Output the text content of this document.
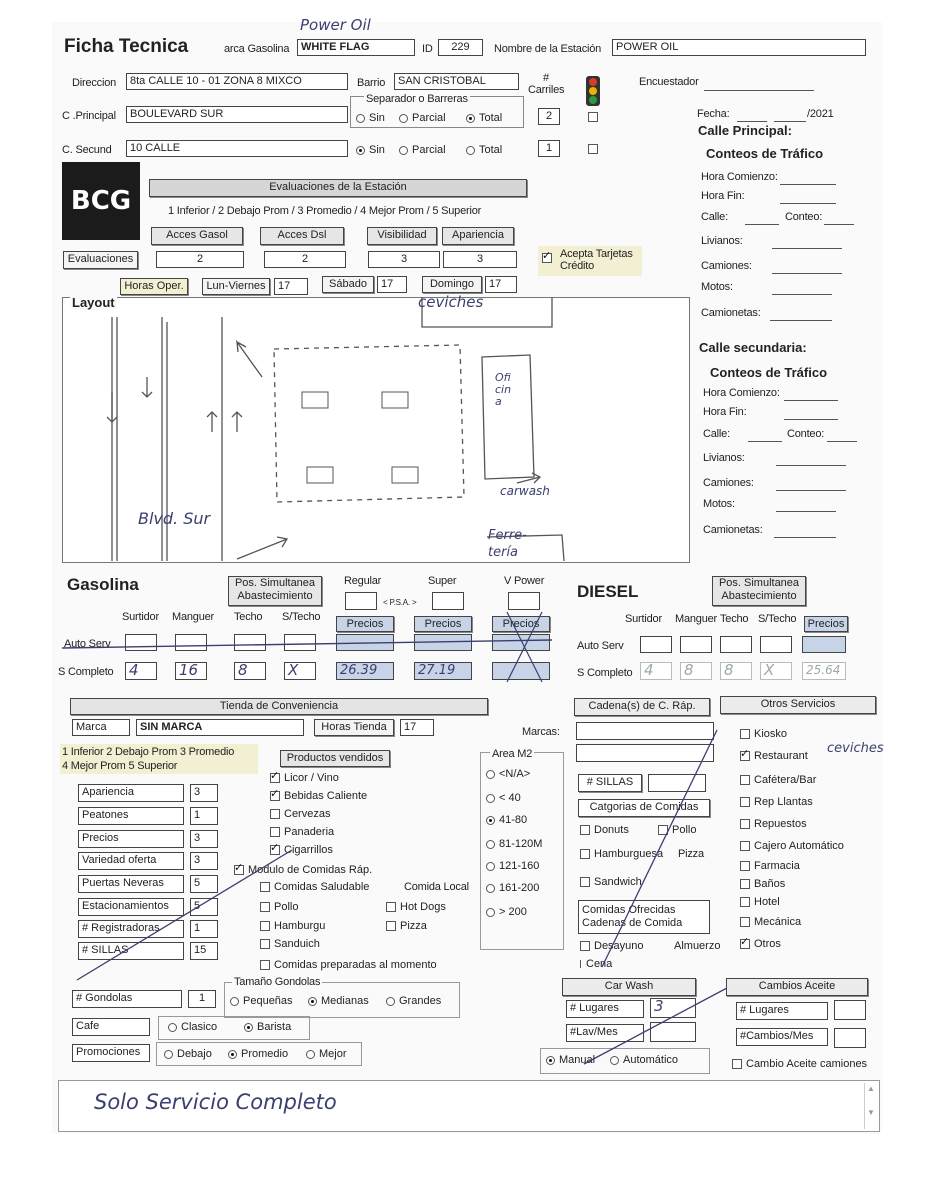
Ficha Tecnica	arca Gasolina	WHITE FLAG
Power Oil
ID	229	Nombre de la Estación	POWER OIL
Direccion	8ta CALLE 10 - 01 ZONA 8 MIXCO	Barrio	SAN CRISTOBAL	# Carriles
Encuestador
C .Principal	BOULEVARD SUR
Separador o Barreras
Sin	Parcial	Total	2
C. Secund	10 CALLE	Sin	Parcial	Total	1
BCG	Evaluaciones de la Estación
1 Inferior / 2 Debajo Prom / 3 Promedio / 4 Mejor Prom / 5 Superior
Acces Gasol	Acces Dsl	Visibilidad	Apariencia
Evaluaciones	2	2	3	3 ✓	Acepta Tarjetas Crédito
Horas Oper.	Lun-Viernes	17	Sábado	17	Domingo	17
Fecha:	/2021
Calle Principal:
Conteos de Tráfico
Hora Comienzo:
Hora Fin:
Calle:	Conteo:
Livianos:
Camiones:
Motos:
Camionetas:
Calle secundaria:
Conteos de Tráfico
Hora Comienzo:
Hora Fin:
Calle:	Conteo:
Livianos:
Camiones:
Motos:
Camionetas:
Layout	ceviches
Oficina
carwash
Blvd. Sur
Ferre- tería
Gasolina	Pos. Simultanea Abastecimiento
Regular	Super	V Power
< P.S.A. >
Surtidor Manguer Techo S/Techo
Precios	Precios	Precios
Auto Serv
S Completo 4	16	8	X	26.39	27.19
DIESEL	Pos. Simultanea Abastecimiento
Surtidor Manguer Techo S/Techo	Precios
Auto Serv
S Completo 4	8	8	X	25.64
Tienda de Conveniencia
Marca	SIN MARCA	Horas Tienda	17
1 Inferior 2 Debajo Prom 3 Promedio
4 Mejor Prom 5 Superior
Apariencia	3
Peatones	1
Precios	3
Variedad oferta	3
Puertas Neveras	5
Estacionamientos	5
# Registradoras	1
# SILLAS	15
Productos vendidos
✓Licor / Vino
✓Bebidas Caliente
Cervezas
Panaderia
✓Cigarrillos
✓Modulo de Comidas Ráp.
Comidas Saludable
Pollo
Hamburgu
Sanduich
Comidas preparadas al momento
Comida Local
Hot Dogs
Pizza
Area M2
<N/A>
< 40
41-80
81-120M
121-160
161-200
> 200
# Gondolas	1
Tamaño Gondolas
Pequeñas	Medianas	Grandes
Cafe	Clasico	Barista
Promociones	Debajo	Promedio	Mejor
Cadena(s) de C. Ráp.
Marcas:
# SILLAS
Catgorias de Comidas
Donuts	Pollo
Hamburguesa Pizza
Sandwich
Comidas Ofrecidas Cadenas de Comida
Desayuno	Almuerzo
Cena
Otros Servicios
Kiosko
✓Restaurant
Cafétera/Bar
Rep Llantas
Repuestos
Cajero Automático
Farmacia
Baños
Hotel
Mecánica
✓Otros
ceviches
Car Wash
# Lugares	3
#Lav/Mes
Manual	Automático
Cambios Aceite
# Lugares
#Cambios/Mes
Cambio Aceite camiones
▲

▼
Solo Servicio Completo
